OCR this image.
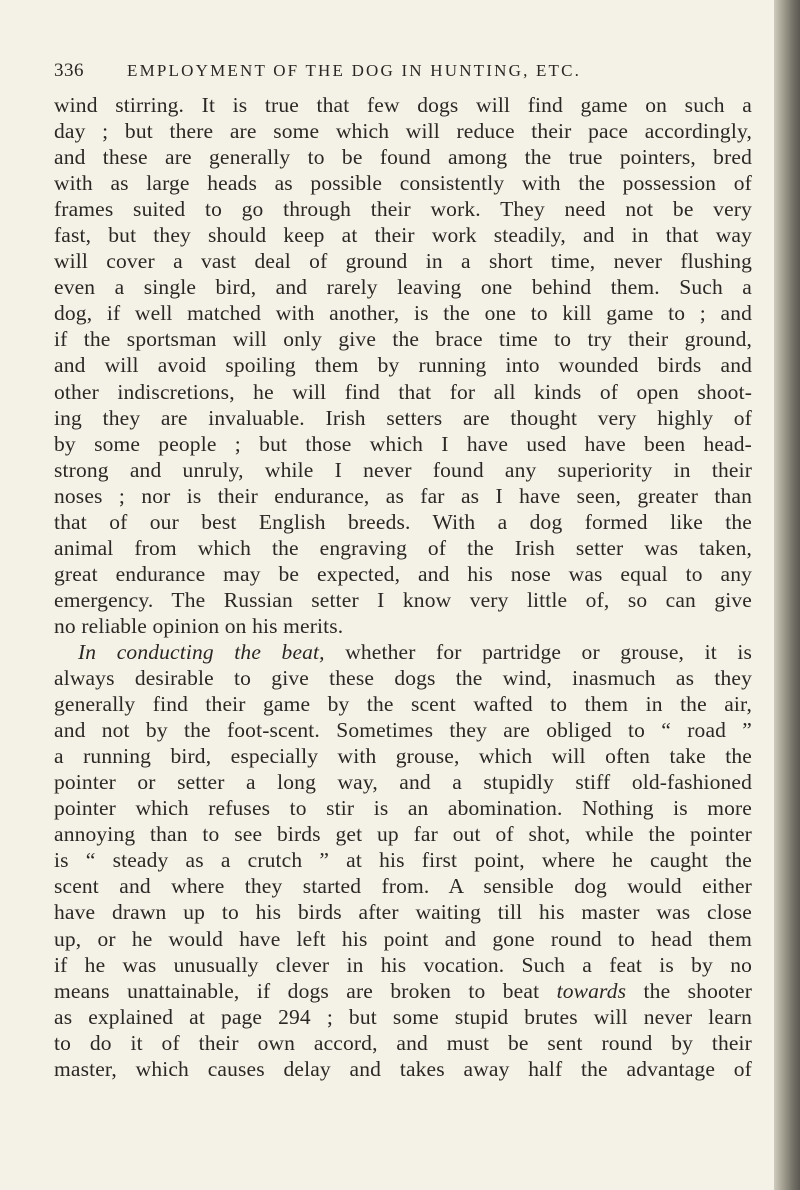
336	EMPLOYMENT OF THE DOG IN HUNTING, ETC.
wind stirring. It is true that few dogs will find game on such a
day ; but there are some which will reduce their pace accordingly,
and these are generally to be found among the true pointers, bred
with as large heads as possible consistently with the possession of
frames suited to go through their work. They need not be very
fast, but they should keep at their work steadily, and in that way
will cover a vast deal of ground in a short time, never flushing
even a single bird, and rarely leaving one behind them. Such a
dog, if well matched with another, is the one to kill game to ; and
if the sportsman will only give the brace time to try their ground,
and will avoid spoiling them by running into wounded birds and
other indiscretions, he will find that for all kinds of open shoot-
ing they are invaluable. Irish setters are thought very highly of
by some people ; but those which I have used have been head-
strong and unruly, while I never found any superiority in their
noses ; nor is their endurance, as far as I have seen, greater than
that of our best English breeds. With a dog formed like the
animal from which the engraving of the Irish setter was taken,
great endurance may be expected, and his nose was equal to any
emergency. The Russian setter I know very little of, so can give
no reliable opinion on his merits.
In conducting the beat, whether for partridge or grouse, it is
always desirable to give these dogs the wind, inasmuch as they
generally find their game by the scent wafted to them in the air,
and not by the foot-scent. Sometimes they are obliged to “ road ”
a running bird, especially with grouse, which will often take the
pointer or setter a long way, and a stupidly stiff old-fashioned
pointer which refuses to stir is an abomination. Nothing is more
annoying than to see birds get up far out of shot, while the pointer
is “ steady as a crutch ” at his first point, where he caught the
scent and where they started from. A sensible dog would either
have drawn up to his birds after waiting till his master was close
up, or he would have left his point and gone round to head them
if he was unusually clever in his vocation. Such a feat is by no
means unattainable, if dogs are broken to beat towards the shooter
as explained at page 294 ; but some stupid brutes will never learn
to do it of their own accord, and must be sent round by their
master, which causes delay and takes away half the advantage of
